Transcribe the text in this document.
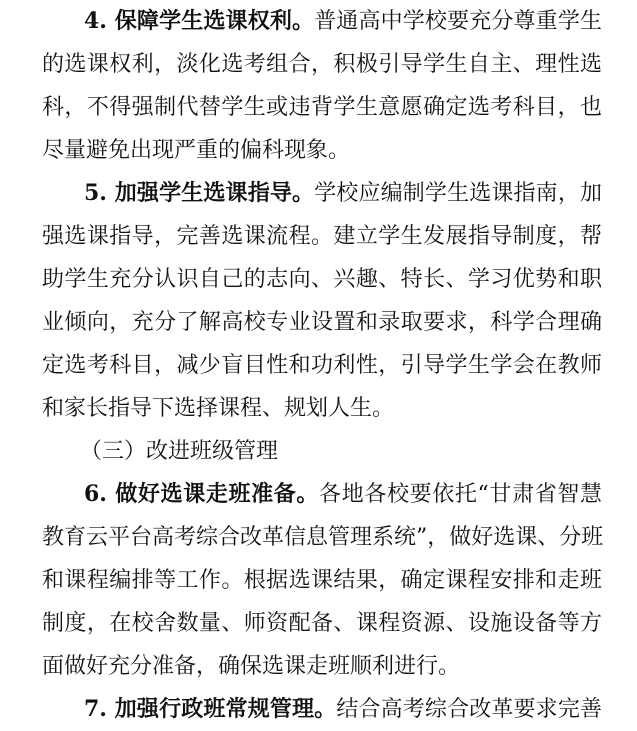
4. 保障学生选课权利。普通高中学校要充分尊重学生
的选课权利，淡化选考组合，积极引导学生自主、理性选
科，不得强制代替学生或违背学生意愿确定选考科目，也
尽量避免出现严重的偏科现象。
5. 加强学生选课指导。学校应编制学生选课指南，加
强选课指导，完善选课流程。建立学生发展指导制度，帮
助学生充分认识自己的志向、兴趣、特长、学习优势和职
业倾向，充分了解高校专业设置和录取要求，科学合理确
定选考科目，减少盲目性和功利性，引导学生学会在教师
和家长指导下选择课程、规划人生。
（三）改进班级管理
6. 做好选课走班准备。各地各校要依托“甘肃省智慧
教育云平台高考综合改革信息管理系统”，做好选课、分班
和课程编排等工作。根据选课结果，确定课程安排和走班
制度，在校舍数量、师资配备、课程资源、设施设备等方
面做好充分准备，确保选课走班顺利进行。
7. 加强行政班常规管理。结合高考综合改革要求完善
